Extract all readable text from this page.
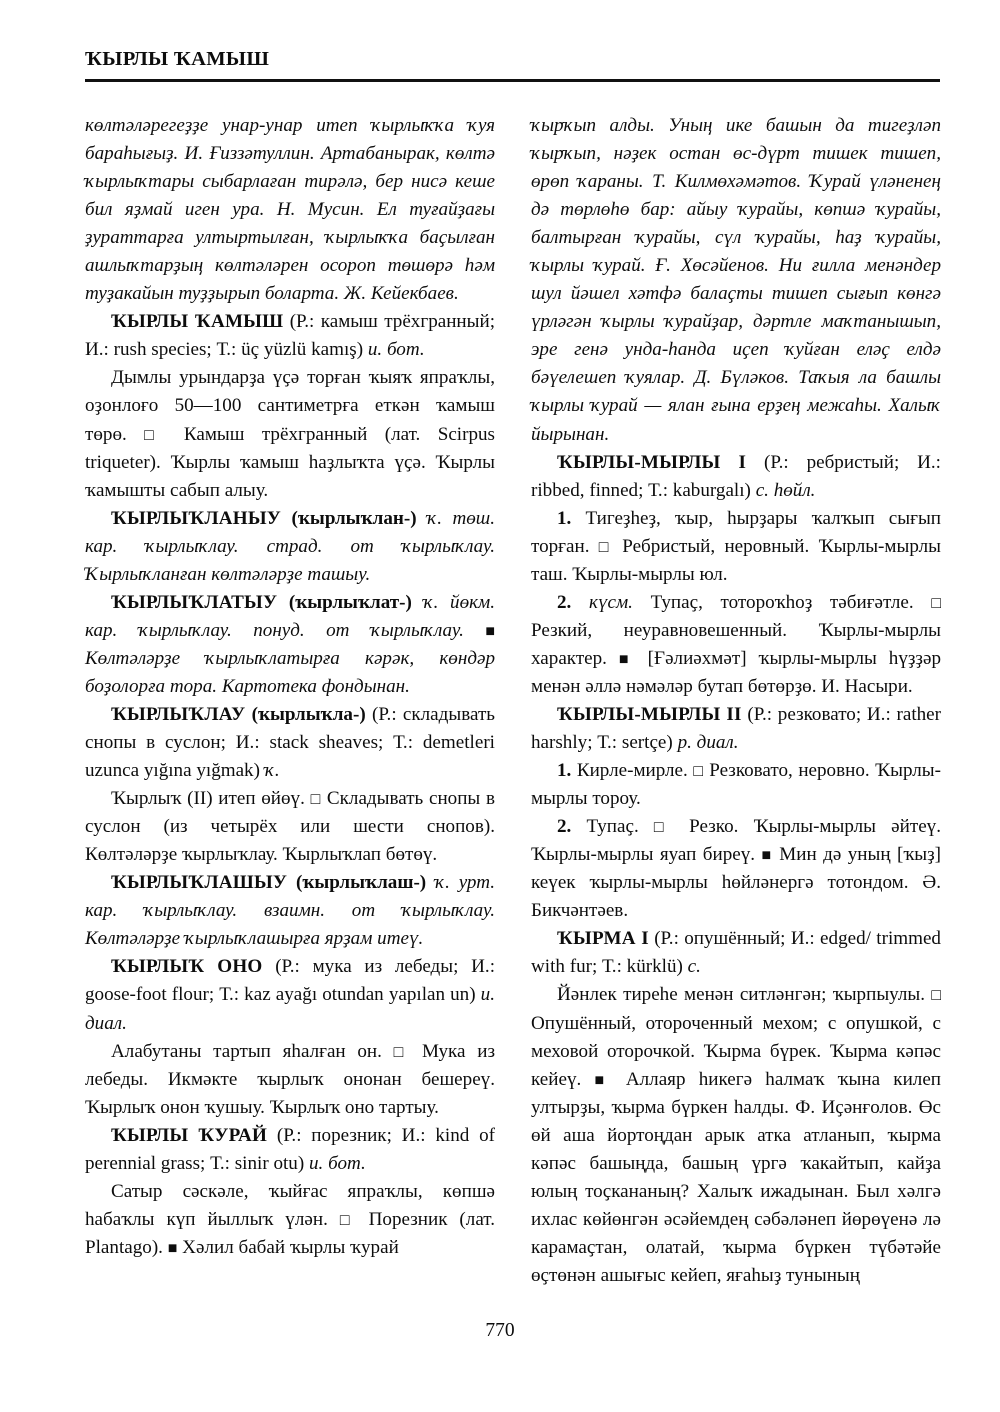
ҠЫРЛЫ ҠАМЫШ

көлтәләрегеҙҙе унар-унар итеп ҡырлыҡҡа ҡуя бараһығыҙ. И. Ғиззәтуллин. Артабанырак, көлтә ҡырлыҡтары сыбарлаған тирәлә, бер нисә кеше бил яҙмай иген ура. Н. Мусин. Ел туғайҙағы ҙураттарға ултыртылған, ҡырлыҡҡа баҫылған ашлыҡтарҙың көлтәләрен осороп төшөрә һәм туҙакайын туҙҙырып боларта. Ж. Кейекбаев.

ҠЫРЛЫ ҠАМЫШ (Р.: камыш трёхгранный; И.: rush species; Т.: üç yüzlü kamış) и. бот.

Дымлы урындарҙа үҫә торған ҡыяҡ япраҡлы, оҙонлоғо 50—100 сантиметрға еткән ҡамыш төрө. □ Камыш трёхгранный (лат. Scirpus triqueter). Ҡырлы ҡамыш һаҙлыҡта үҫә. Ҡырлы ҡамышты сабып алыу.

ҠЫРЛЫҠЛАНЫУ (ҡырлыҡлан-) ҡ. төш. кар. ҡырлыҡлау. страд. от ҡырлыҡлау. Ҡырлыҡланған көлтәләрҙе ташыу.

ҠЫРЛЫҠЛАТЫУ (ҡырлыҡлат-) ҡ. йөкм. кар. ҡырлыҡлау. понуд. от ҡырлыҡлау. ■ Көлтәләрҙе ҡырлыҡлатырға кәрәк, көндәр боҙолорға тора. Картотека фондынан.

ҠЫРЛЫҠЛАУ (ҡырлыҡла-) (Р.: складывать снопы в суслон; И.: stack sheaves; Т.: demetleri uzunca yığına yığmak) ҡ.

Ҡырлыҡ (II) итеп өйөү. □ Складывать снопы в суслон (из четырёх или шести снопов). Көлтәләрҙе ҡырлыҡлау. Ҡырлыҡлап бөтөү.

ҠЫРЛЫҠЛАШЫУ (ҡырлыҡлаш-) ҡ. урт. кар. ҡырлыҡлау. взаимн. от ҡырлыҡлау. Көлтәләрҙе ҡырлыҡлашырға ярҙам итеү.

ҠЫРЛЫҠ ОНО (Р.: мука из лебеды; И.: goose-foot flour; Т.: kaz ayağı otundan yapılan un) и. диал.

Алабутаны тартып яһалған он. □ Мука из лебеды. Икмәкте ҡырлыҡ ононан бешереү. Ҡырлыҡ онон ҡушыу. Ҡырлыҡ оно тартыу.

ҠЫРЛЫ ҠУРАЙ (Р.: порезник; И.: kind of perennial grass; Т.: sinir otu) и. бот.

Сатыр сәскәле, ҡыйғас япраҡлы, көпшә һабаҡлы күп йыллыҡ үлән. □ Порезник (лат. Plantago). ■ Хәлил бабай ҡырлы ҡурай

ҡырҡып алды. Уның ике башын да тигеҙләп ҡырҡып, нәҙек остан өс-дүрт тишек тишеп, өрөп ҡараны. Т. Килмөхәмәтов. Ҡурай үләненең дә төрлөһө бар: айыу ҡурайы, көпшә ҡурайы, балтырған ҡурайы, сүл ҡурайы, һаҙ ҡурайы, ҡырлы ҡурай. Ғ. Хөсәйенов. Ни ғилла менәндер шул йәшел хәтфә балаҫты тишеп сығып көнгә үрләгән ҡырлы ҡурайҙар, дәртле маҡтанышып, эре генә унда-һанда иҫеп ҡуйған еләҫ елдә бәүелешеп ҡуялар. Д. Бүләков. Таҡыя ла башлы ҡырлы ҡурай — ялан ғына ерҙең межаһы. Халыҡ йырынан.

ҠЫРЛЫ-МЫРЛЫ I (Р.: ребристый; И.: ribbed, finned; Т.: kaburgalı) с. һөйл.

1. Тигеҙһеҙ, ҡыр, һырҙары ҡалҡып сығып торған. □ Ребристый, неровный. Ҡырлы-мырлы таш. Ҡырлы-мырлы юл.

2. күсм. Тупаҫ, тотороҡһоҙ тәбиғәтле. □ Резкий, неуравновешенный. Ҡырлы-мырлы характер. ■ [Ғәлиәхмәт] ҡырлы-мырлы һүҙҙәр менән әллә нәмәләр бутап бөтөрҙө. И. Насыри.

ҠЫРЛЫ-МЫРЛЫ II (Р.: резковато; И.: rather harshly; Т.: sertçe) р. диал.

1. Кирле-мирле. □ Резковато, неровно. Ҡырлы-мырлы тороу.

2. Тупаҫ. □ Резко. Ҡырлы-мырлы әйтеү. Ҡырлы-мырлы яуап биреү. ■ Мин дә уның [ҡыҙ] кеүек ҡырлы-мырлы һөйләнергә тотондом. Ә. Бикчәнтәев.

ҠЫРМА I (Р.: опушённый; И.: edged/ trimmed with fur; Т.: kürklü) с.

Йәнлек тиреһе менән ситләнгән; ҡырпыулы. □ Опушённый, отороченный мехом; с опушкой, с меховой оторочкой. Ҡырма бүрек. Ҡырма кәпәс кейеү. ■ Аллаяр һикегә һалмаҡ ҡына килеп ултырҙы, ҡырма бүркен һалды. Ф. Иҫәнғолов. Өс өй аша йортоңдан арык атка атланып, ҡырма кәпәс башыңда, башың үргә ҡакайтып, кайҙа юлың тоҫкананың? Халыҡ ижадынан. Был хәлгә ихлас көйөнгән әсәйемдең сәбәләнеп йөрөүенә лә карамаҫтан, олатай, ҡырма бүркен түбәтәйе өҫтөнән ашығыс кейеп, яғаһыҙ тунының

770
